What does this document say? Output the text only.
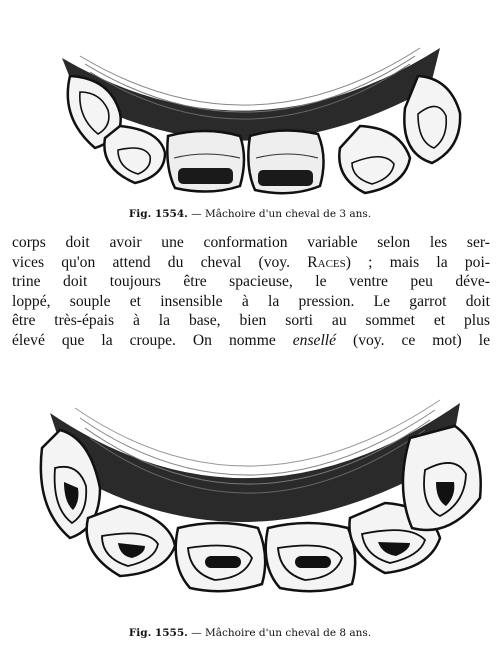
Fig. 1554. — Mâchoire d'un cheval de 3 ans.
corps doit avoir une conformation variable selon les ser-
vices qu'on attend du cheval (voy. Races) ; mais la poi-
trine doit toujours être spacieuse, le ventre peu déve-
loppé, souple et insensible à la pression. Le garrot doit
être très-épais à la base, bien sorti au sommet et plus
élevé que la croupe. On nomme ensellé (voy. ce mot) le
Fig. 1555. — Mâchoire d'un cheval de 8 ans.
